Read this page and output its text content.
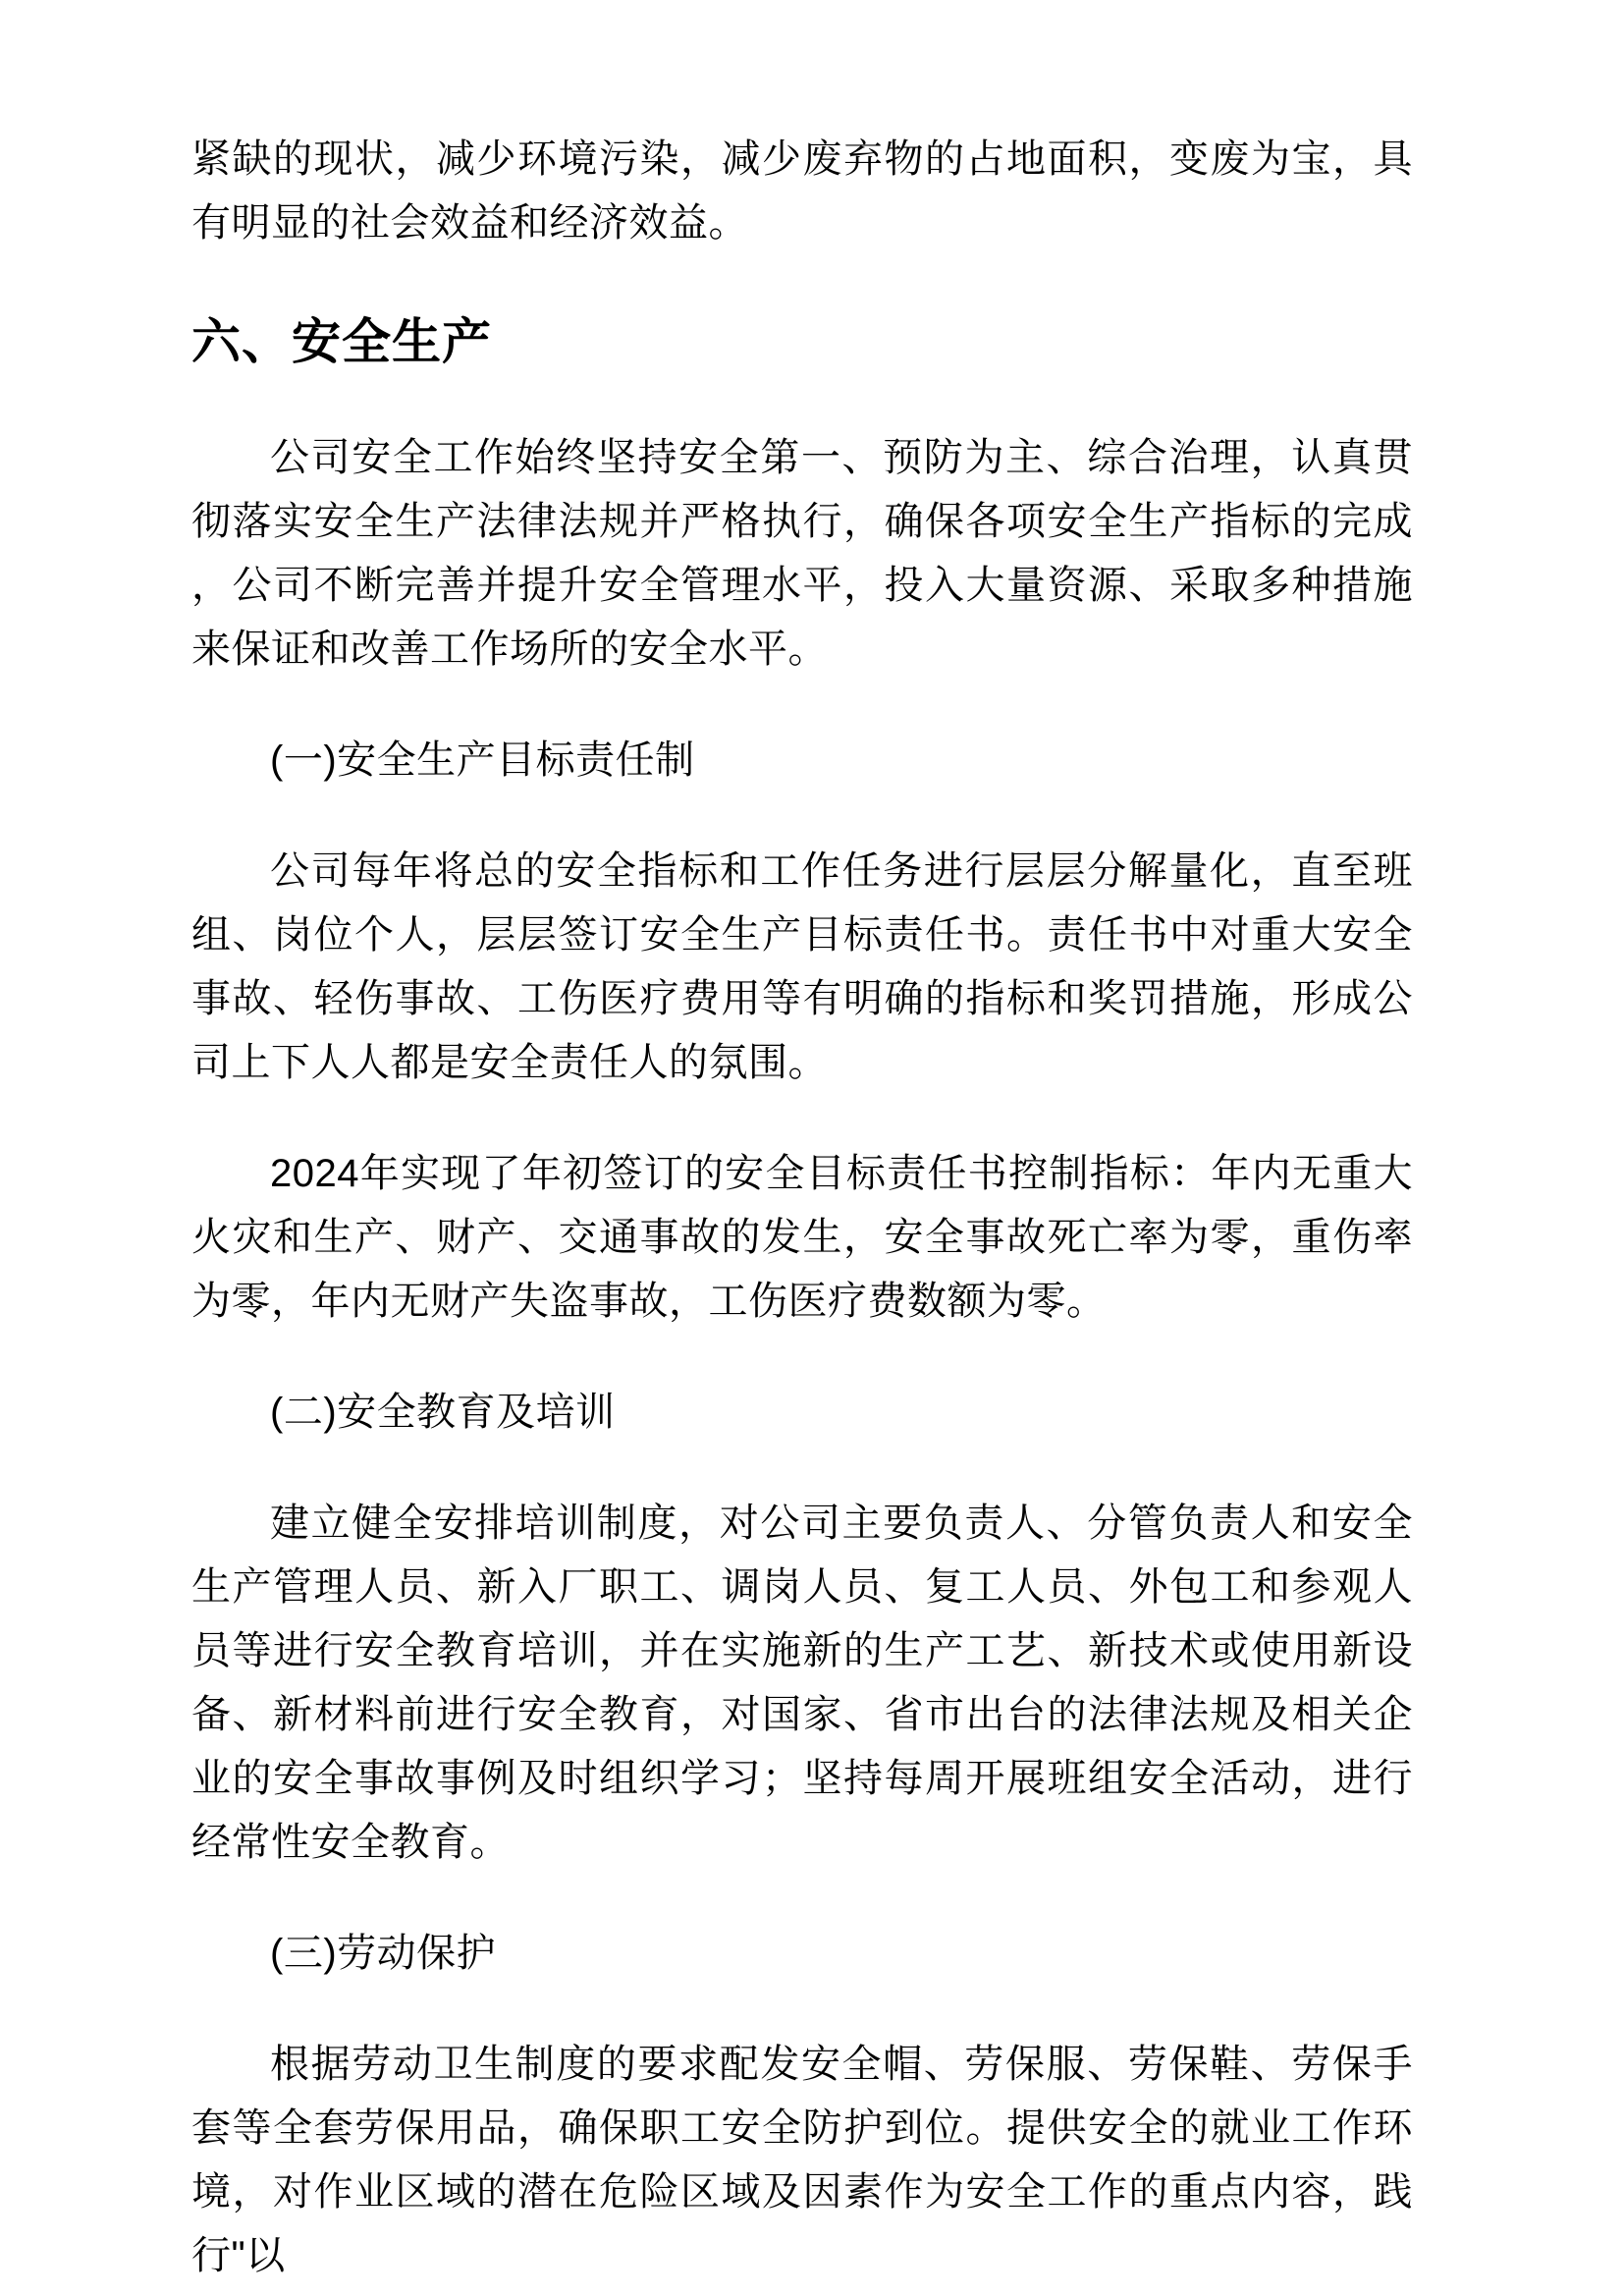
紧缺的现状，减少环境污染，减少废弃物的占地面积，变废为宝，具有明显的社会效益和经济效益。

六、安全生产

公司安全工作始终坚持安全第一、预防为主、综合治理，认真贯彻落实安全生产法律法规并严格执行，确保各项安全生产指标的完成，公司不断完善并提升安全管理水平，投入大量资源、采取多种措施来保证和改善工作场所的安全水平。

(一)安全生产目标责任制

公司每年将总的安全指标和工作任务进行层层分解量化，直至班组、岗位个人，层层签订安全生产目标责任书。责任书中对重大安全事故、轻伤事故、工伤医疗费用等有明确的指标和奖罚措施，形成公司上下人人都是安全责任人的氛围。

2024年实现了年初签订的安全目标责任书控制指标：年内无重大火灾和生产、财产、交通事故的发生，安全事故死亡率为零，重伤率为零，年内无财产失盗事故，工伤医疗费数额为零。

(二)安全教育及培训

建立健全安排培训制度，对公司主要负责人、分管负责人和安全生产管理人员、新入厂职工、调岗人员、复工人员、外包工和参观人员等进行安全教育培训，并在实施新的生产工艺、新技术或使用新设备、新材料前进行安全教育，对国家、省市出台的法律法规及相关企业的安全事故事例及时组织学习；坚持每周开展班组安全活动，进行经常性安全教育。

(三)劳动保护

根据劳动卫生制度的要求配发安全帽、劳保服、劳保鞋、劳保手套等全套劳保用品，确保职工安全防护到位。提供安全的就业工作环境，对作业区域的潜在危险区域及因素作为安全工作的重点内容，践行"以
